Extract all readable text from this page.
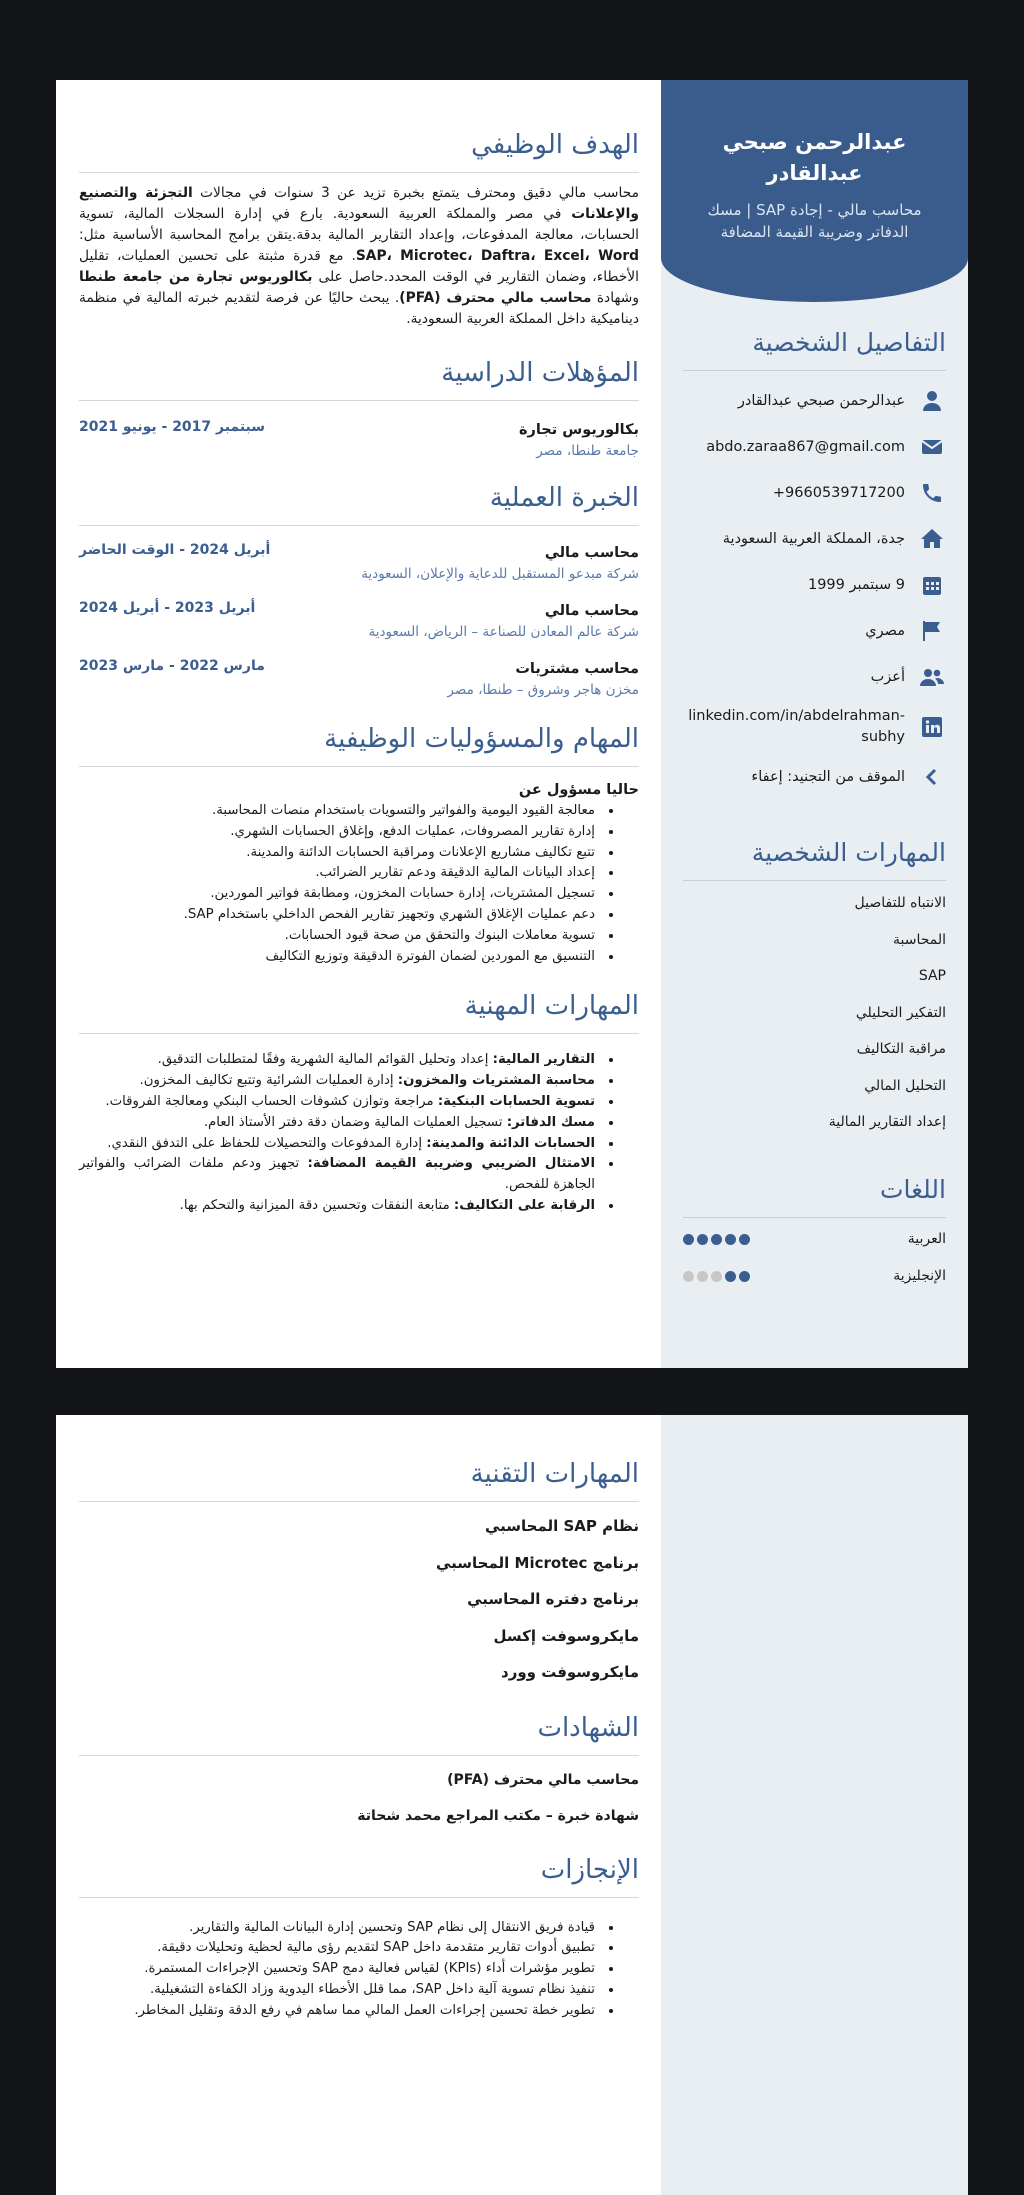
عبدالرحمن صبحي عبدالقادر
محاسب مالي - إجادة SAP | مسك الدفاتر وضريبة القيمة المضافة
التفاصيل الشخصية
عبدالرحمن صبحي عبدالقادر
abdo.zaraa867@gmail.com
+9660539717200
جدة، المملكة العربية السعودية
9 سبتمبر 1999
مصري
أعزب
linkedin.com/in/abdelrahman-subhy
الموقف من التجنيد: إعفاء
المهارات الشخصية
الانتباه للتفاصيل
المحاسبة
SAP
التفكير التحليلي
مراقبة التكاليف
التحليل المالي
إعداد التقارير المالية
اللغات
العربية
الإنجليزية
الهدف الوظيفي

محاسب مالي دقيق ومحترف يتمتع بخبرة تزيد عن 3 سنوات في مجالات التجزئة والتصنيع والإعلانات في مصر والمملكة العربية السعودية. بارع في إدارة السجلات المالية، تسوية الحسابات، معالجة المدفوعات، وإعداد التقارير المالية بدقة.يتقن برامج المحاسبة الأساسية مثل: SAP، Microtec، Daftra، Excel، Word. مع قدرة مثبتة على تحسين العمليات، تقليل الأخطاء، وضمان التقارير في الوقت المحدد.حاصل على بكالوريوس تجارة من جامعة طنطا وشهادة محاسب مالي محترف (PFA). يبحث حاليًا عن فرصة لتقديم خبرته المالية في منظمة ديناميكية داخل المملكة العربية السعودية.

المؤهلات الدراسية
بكالوريوس تجارة
جامعة طنطا، مصر
سبتمبر 2017 - يونيو 2021
الخبرة العملية
محاسب مالي
شركة مبدعو المستقبل للدعاية والإعلان، السعودية
أبريل 2024 - الوقت الحاضر
محاسب مالي
شركة عالم المعادن للصناعة – الرياض، السعودية
أبريل 2023 - أبريل 2024
محاسب مشتريات
مخزن هاجر وشروق – طنطا، مصر
مارس 2022 - مارس 2023
المهام والمسؤوليات الوظيفية
حاليا مسؤول عن
• معالجة القيود اليومية والفواتير والتسويات باستخدام منصات المحاسبة.
• إدارة تقارير المصروفات، عمليات الدفع، وإغلاق الحسابات الشهري.
• تتبع تكاليف مشاريع الإعلانات ومراقبة الحسابات الدائنة والمدينة.
• إعداد البيانات المالية الدقيقة ودعم تقارير الضرائب.
• تسجيل المشتريات، إدارة حسابات المخزون، ومطابقة فواتير الموردين.
• دعم عمليات الإغلاق الشهري وتجهيز تقارير الفحص الداخلي باستخدام SAP.
• تسوية معاملات البنوك والتحقق من صحة قيود الحسابات.
• التنسيق مع الموردين لضمان الفوترة الدقيقة وتوزيع التكاليف
المهارات المهنية
• التقارير المالية: إعداد وتحليل القوائم المالية الشهرية وفقًا لمتطلبات التدقيق.
• محاسبة المشتريات والمخزون: إدارة العمليات الشرائية وتتبع تكاليف المخزون.
• تسوية الحسابات البنكية: مراجعة وتوازن كشوفات الحساب البنكي ومعالجة الفروقات.
• مسك الدفاتر: تسجيل العمليات المالية وضمان دقة دفتر الأستاذ العام.
• الحسابات الدائنة والمدينة: إدارة المدفوعات والتحصيلات للحفاظ على التدفق النقدي.
• الامتثال الضريبي وضريبة القيمة المضافة: تجهيز ودعم ملفات الضرائب والفواتير الجاهزة للفحص.
• الرقابة على التكاليف: متابعة النفقات وتحسين دقة الميزانية والتحكم بها.
المهارات التقنية
نظام SAP المحاسبي
برنامج Microtec المحاسبي
برنامج دفتره المحاسبي
مايكروسوفت إكسل
مايكروسوفت وورد
الشهادات
محاسب مالي محترف (PFA)
شهادة خبرة – مكتب المراجع محمد شحاتة
الإنجازات
• قيادة فريق الانتقال إلى نظام SAP وتحسين إدارة البيانات المالية والتقارير.
• تطبيق أدوات تقارير متقدمة داخل SAP لتقديم رؤى مالية لحظية وتحليلات دقيقة.
• تطوير مؤشرات أداء (KPIs) لقياس فعالية دمج SAP وتحسين الإجراءات المستمرة.
• تنفيذ نظام تسوية آلية داخل SAP، مما قلل الأخطاء اليدوية وزاد الكفاءة التشغيلية.
• تطوير خطة تحسين إجراءات العمل المالي مما ساهم في رفع الدقة وتقليل المخاطر.
